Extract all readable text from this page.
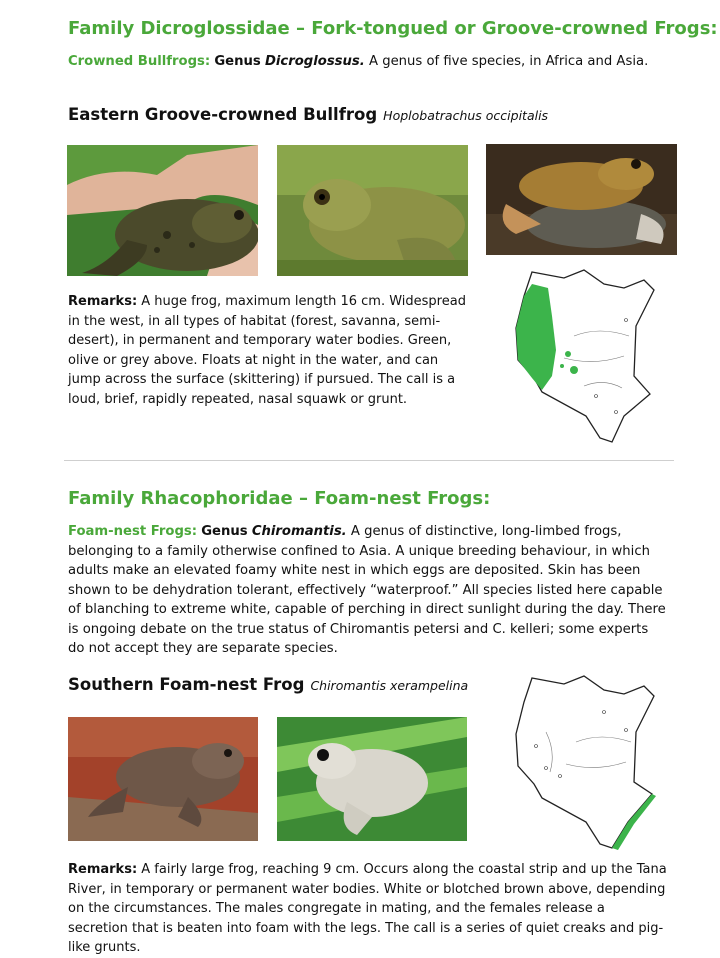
Family Dicroglossidae – Fork-tongued or Groove-crowned Frogs:
Crowned Bullfrogs: Genus Dicroglossus. A genus of five species, in Africa and Asia.
Eastern Groove-crowned Bullfrog Hoplobatrachus occipitalis
Remarks: A huge frog, maximum length 16 cm. Widespread in the west, in all types of habitat (forest, savanna, semi-desert), in permanent and temporary water bodies. Green, olive or grey above. Floats at night in the water, and can jump across the surface (skittering) if pursued. The call is a loud, brief, rapidly repeated, nasal squawk or grunt.
Family Rhacophoridae – Foam-nest Frogs:
Foam-nest Frogs: Genus Chiromantis. A genus of distinctive, long-limbed frogs, belonging to a family otherwise confined to Asia. A unique breeding behaviour, in which adults make an elevated foamy white nest in which eggs are deposited. Skin has been shown to be dehydration tolerant, effectively “waterproof.” All species listed here capable of blanching to extreme white, capable of perching in direct sunlight during the day. There is ongoing debate on the true status of Chiromantis petersi and C. kelleri; some experts do not accept they are separate species.
Southern Foam-nest Frog Chiromantis xerampelina
Remarks: A fairly large frog, reaching 9 cm. Occurs along the coastal strip and up the Tana River, in temporary or permanent water bodies. White or blotched brown above, depending on the circumstances. The males congregate in mating, and the females release a secretion that is beaten into foam with the legs. The call is a series of quiet creaks and pig-like grunts.
